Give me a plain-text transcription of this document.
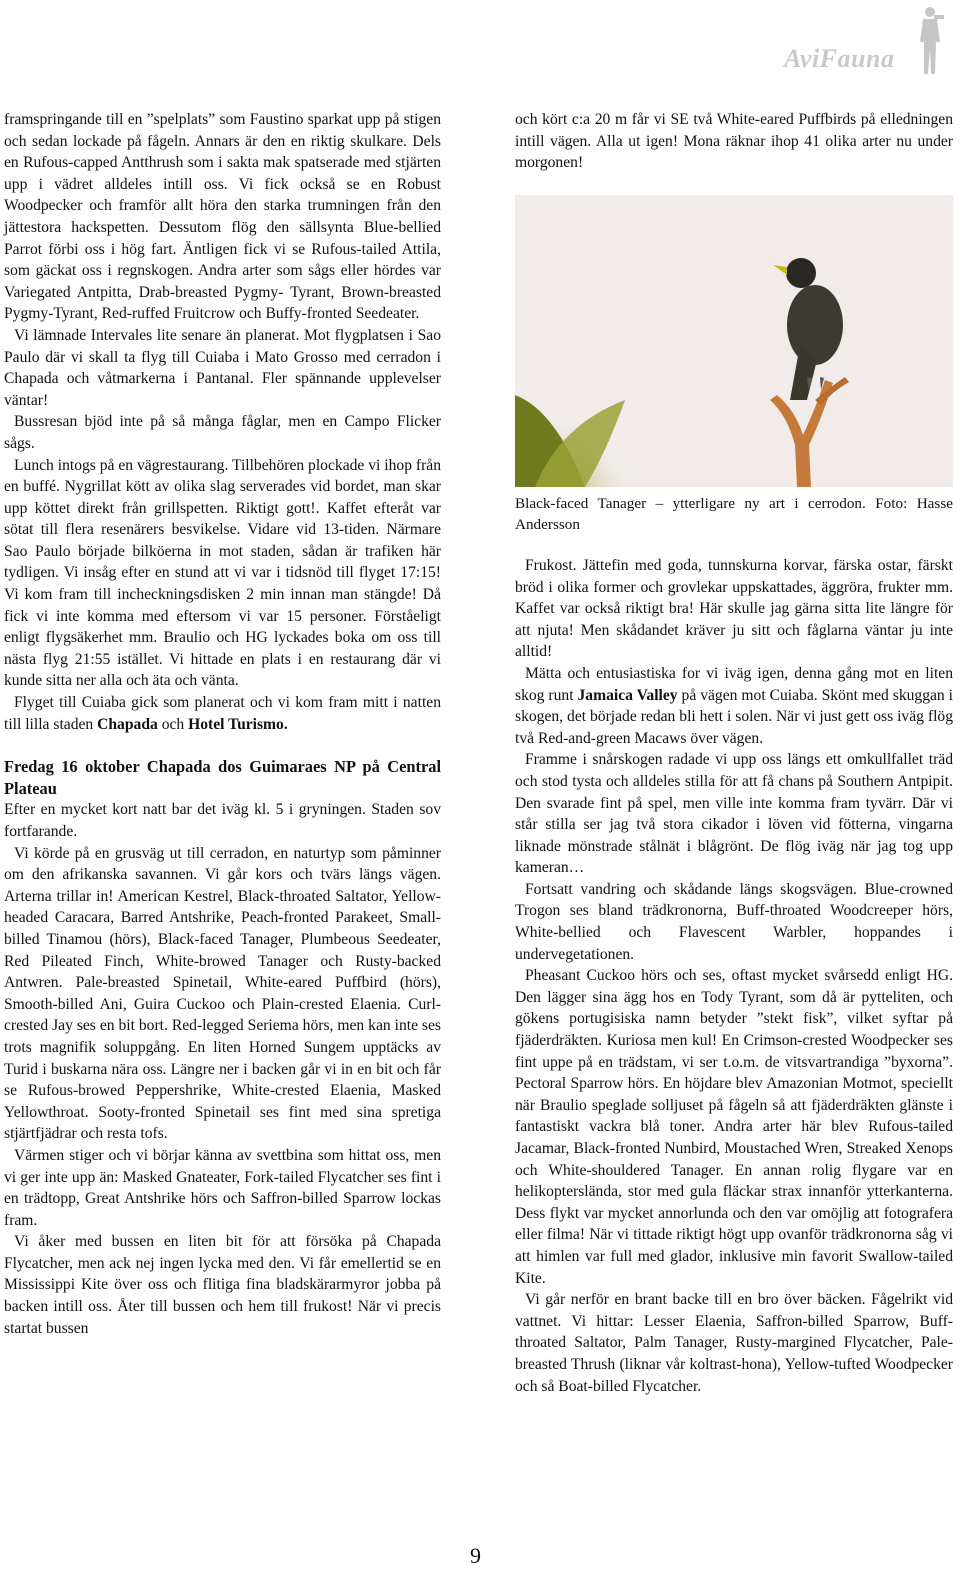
AviFauna

framspringande till en ”spelplats” som Faustino sparkat upp på stigen och sedan lockade på fågeln. Annars är den en riktig skulkare. Dels en Rufous-capped Antthrush som i sakta mak spatserade med stjärten upp i vädret alldeles intill oss. Vi fick också se en Robust Woodpecker och framför allt höra den starka trumningen från den jättestora hackspetten. Dessutom flög den sällsynta Blue-bellied Parrot förbi oss i hög fart. Äntligen fick vi se Rufous-tailed Attila, som gäckat oss i regnskogen. Andra arter som sågs eller hördes var Variegated Antpitta, Drab-breasted Pygmy- Tyrant, Brown-breasted Pygmy-Tyrant, Red-ruffed Fruitcrow och Buffy-fronted Seedeater.

Vi lämnade Intervales lite senare än planerat. Mot flygplatsen i Sao Paulo där vi skall ta flyg till Cuiaba i Mato Grosso med cerradon i Chapada och våtmarkerna i Pantanal. Fler spännande upplevelser väntar!

Bussresan bjöd inte på så många fåglar, men en Campo Flicker sågs.

Lunch intogs på en vägrestaurang. Tillbehören plockade vi ihop från en buffé. Nygrillat kött av olika slag serverades vid bordet, man skar upp köttet direkt från grillspetten. Riktigt gott!. Kaffet efteråt var sötat till flera resenärers besvikelse. Vidare vid 13-tiden. Närmare Sao Paulo började bilköerna in mot staden, sådan är trafiken här tydligen. Vi insåg efter en stund att vi var i tidsnöd till flyget 17:15! Vi kom fram till incheckningsdisken 2 min innan man stängde! Då fick vi inte komma med eftersom vi var 15 personer. Förståeligt enligt flygsäkerhet mm. Braulio och HG lyckades boka om oss till nästa flyg 21:55 istället. Vi hittade en plats i en restaurang där vi kunde sitta ner alla och äta och vänta.

Flyget till Cuiaba gick som planerat och vi kom fram mitt i natten till lilla staden Chapada och Hotel Turismo.

Fredag 16 oktober Chapada dos Guimaraes NP på Central Plateau

Efter en mycket kort natt bar det iväg kl. 5 i gryningen. Staden sov fortfarande.

Vi körde på en grusväg ut till cerradon, en naturtyp som påminner om den afrikanska savannen. Vi går kors och tvärs längs vägen. Arterna trillar in! American Kestrel, Black-throated Saltator, Yellow-headed Caracara, Barred Antshrike, Peach-fronted Parakeet, Small-billed Tinamou (hörs), Black-faced Tanager, Plumbeous Seedeater, Red Pileated Finch, White-browed Tanager och Rusty-backed Antwren. Pale-breasted Spinetail, White-eared Puffbird (hörs), Smooth-billed Ani, Guira Cuckoo och Plain-crested Elaenia. Curl-crested Jay ses en bit bort. Red-legged Seriema hörs, men kan inte ses trots magnifik soluppgång. En liten Horned Sungem upptäcks av Turid i buskarna nära oss. Längre ner i backen går vi in en bit och får se Rufous-browed Peppershrike, White-crested Elaenia, Masked Yellowthroat. Sooty-fronted Spinetail ses fint med sina spretiga stjärtfjädrar och resta tofs.

Värmen stiger och vi börjar känna av svettbina som hittat oss, men vi ger inte upp än: Masked Gnateater, Fork-tailed Flycatcher ses fint i en trädtopp, Great Antshrike hörs och Saffron-billed Sparrow lockas fram.

Vi åker med bussen en liten bit för att försöka på Chapada Flycatcher, men ack nej ingen lycka med den. Vi får emellertid se en Mississippi Kite över oss och flitiga fina bladskärarmyror jobba på backen intill oss. Åter till bussen och hem till frukost! När vi precis startat bussen

och kört c:a 20 m får vi SE två White-eared Puffbirds på elledningen intill vägen. Alla ut igen! Mona räknar ihop 41 olika arter nu under morgonen!

Black-faced Tanager – ytterligare ny art i cerrodon. Foto: Hasse Andersson

Frukost. Jättefin med goda, tunnskurna korvar, färska ostar, färskt bröd i olika former och grovlekar uppskattades, äggröra, frukter mm. Kaffet var också riktigt bra! Här skulle jag gärna sitta lite längre för att njuta! Men skådandet kräver ju sitt och fåglarna väntar ju inte alltid!

Mätta och entusiastiska for vi iväg igen, denna gång mot en liten skog runt Jamaica Valley på vägen mot Cuiaba. Skönt med skuggan i skogen, det började redan bli hett i solen. När vi just gett oss iväg flög två Red-and-green Macaws över vägen.

Framme i snårskogen radade vi upp oss längs ett omkullfallet träd och stod tysta och alldeles stilla för att få chans på Southern Antpipit. Den svarade fint på spel, men ville inte komma fram tyvärr. Där vi står stilla ser jag två stora cikador i löven vid fötterna, vingarna liknade mönstrade stålnät i blågrönt. De flög iväg när jag tog upp kameran…

Fortsatt vandring och skådande längs skogsvägen. Blue-crowned Trogon ses bland trädkronorna, Buff-throated Woodcreeper hörs, White-bellied och Flavescent Warbler, hoppandes i undervegetationen.

Pheasant Cuckoo hörs och ses, oftast mycket svårsedd enligt HG. Den lägger sina ägg hos en Tody Tyrant, som då är pytteliten, och gökens portugisiska namn betyder ”stekt fisk”, vilket syftar på fjäderdräkten. Kuriosa men kul! En Crimson-crested Woodpecker ses fint uppe på en trädstam, vi ser t.o.m. de vitsvartrandiga ”byxorna”. Pectoral Sparrow hörs. En höjdare blev Amazonian Motmot, speciellt när Braulio speglade solljuset på fågeln så att fjäderdräkten glänste i fantastiskt vackra blå toner. Andra arter här blev Rufous-tailed Jacamar, Black-fronted Nunbird, Moustached Wren, Streaked Xenops och White-shouldered Tanager. En annan rolig flygare var en helikopterslända, stor med gula fläckar strax innanför ytterkanterna. Dess flykt var mycket annorlunda och den var omöjlig att fotografera eller filma! När vi tittade riktigt högt upp ovanför trädkronorna såg vi att himlen var full med glador, inklusive min favorit Swallow-tailed Kite.

Vi går nerför en brant backe till en bro över bäcken. Fågelrikt vid vattnet. Vi hittar: Lesser Elaenia, Saffron-billed Sparrow, Buff-throated Saltator, Palm Tanager, Rusty-margined Flycatcher, Pale-breasted Thrush (liknar vår koltrast-hona), Yellow-tufted Woodpecker och så Boat-billed Flycatcher.

9
